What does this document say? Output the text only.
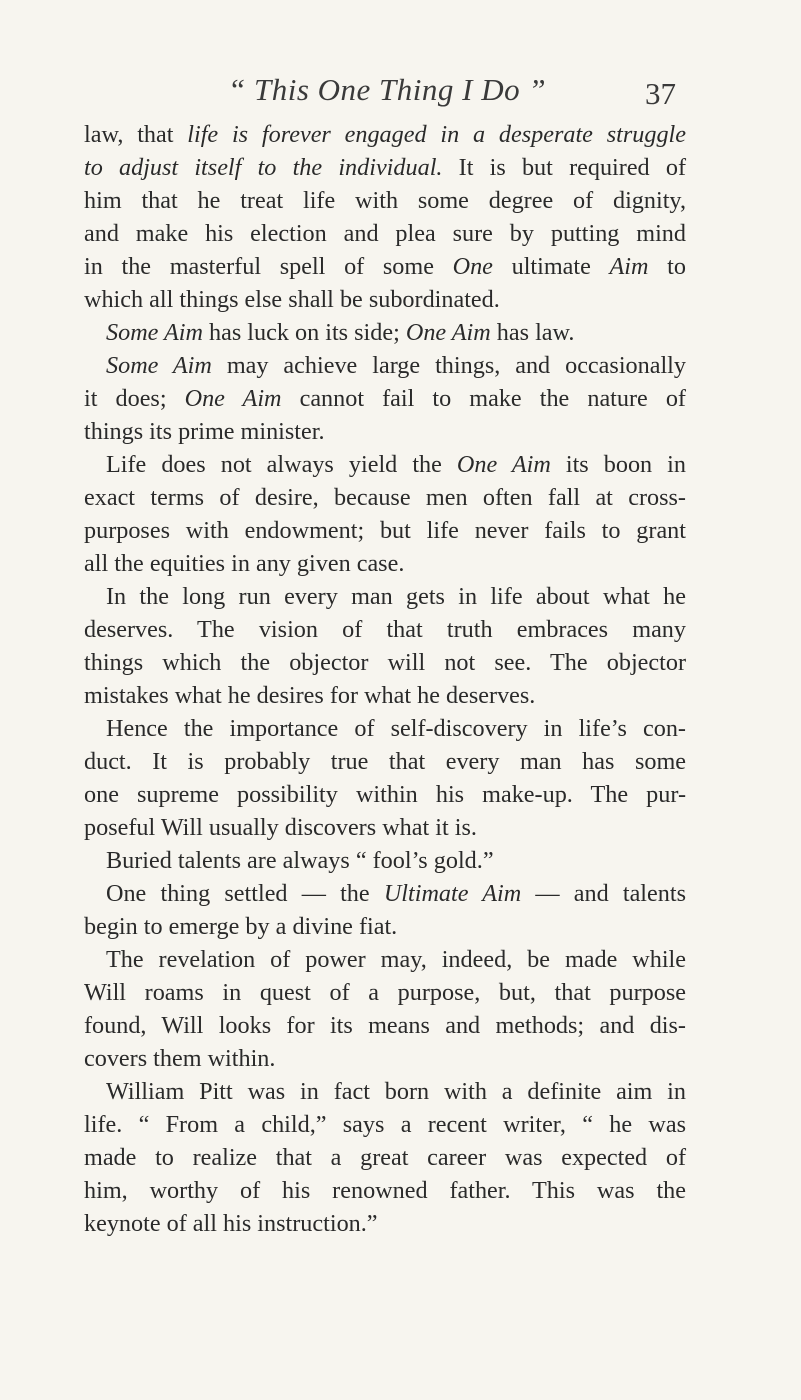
“ This One Thing I Do ”	37
law, that life is forever engaged in a desperate struggle
to adjust itself to the individual. It is but required of
him that he treat life with some degree of dignity,
and make his election and plea sure by putting mind
in the masterful spell of some One ultimate Aim to
which all things else shall be subordinated.
Some Aim has luck on its side; One Aim has law.
Some Aim may achieve large things, and occasionally
it does; One Aim cannot fail to make the nature of
things its prime minister.
Life does not always yield the One Aim its boon in
exact terms of desire, because men often fall at cross-
purposes with endowment; but life never fails to grant
all the equities in any given case.
In the long run every man gets in life about what he
deserves. The vision of that truth embraces many
things which the objector will not see. The objector
mistakes what he desires for what he deserves.
Hence the importance of self-discovery in life’s con-
duct. It is probably true that every man has some
one supreme possibility within his make-up. The pur-
poseful Will usually discovers what it is.
Buried talents are always “ fool’s gold.”
One thing settled — the Ultimate Aim — and talents
begin to emerge by a divine fiat.
The revelation of power may, indeed, be made while
Will roams in quest of a purpose, but, that purpose
found, Will looks for its means and methods; and dis-
covers them within.
William Pitt was in fact born with a definite aim in
life. “ From a child,” says a recent writer, “ he was
made to realize that a great career was expected of
him, worthy of his renowned father. This was the
keynote of all his instruction.”
